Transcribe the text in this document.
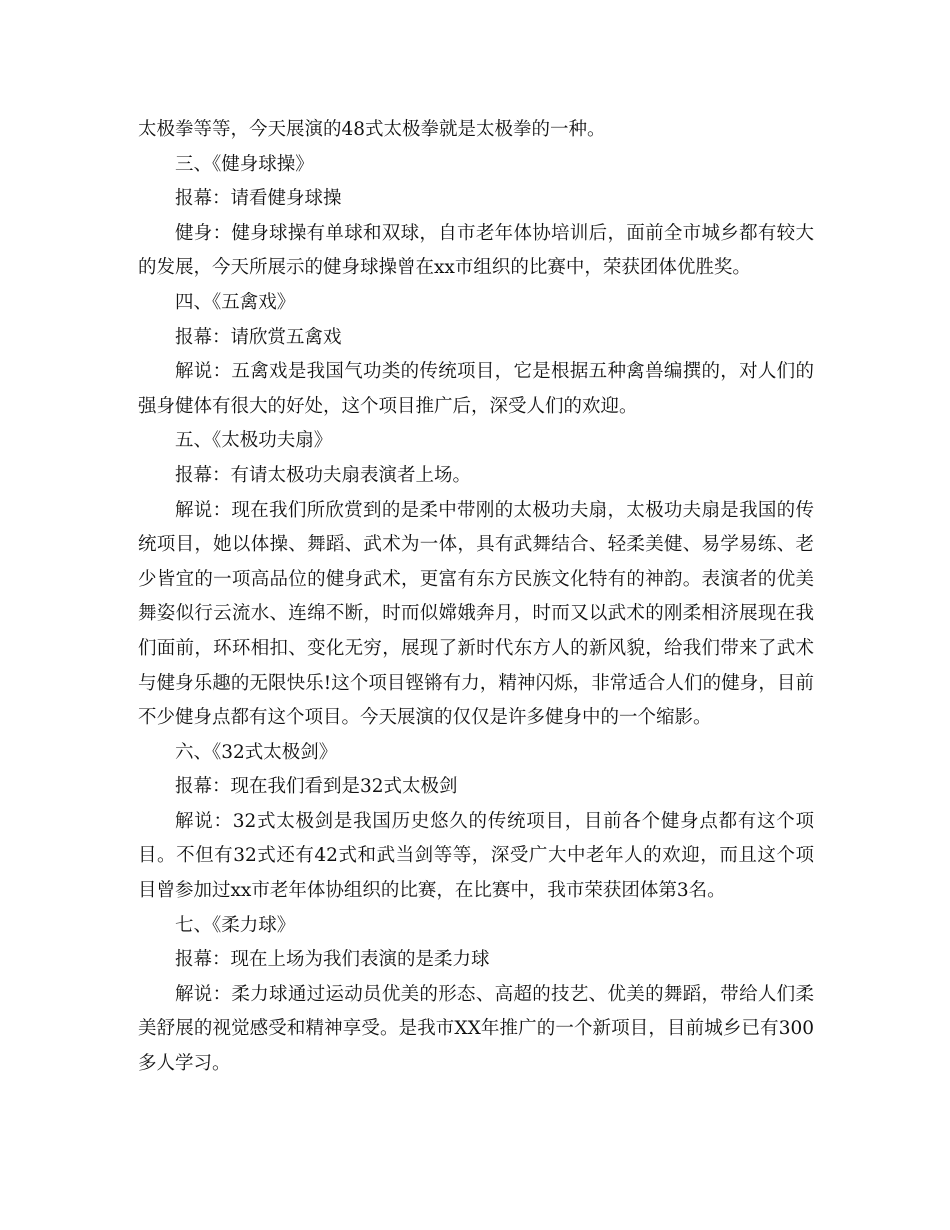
太极拳等等，今天展演的48式太极拳就是太极拳的一种。

三、《健身球操》

报幕：请看健身球操

健身：健身球操有单球和双球，自市老年体协培训后，面前全市城乡都有较大的发展，今天所展示的健身球操曾在xx市组织的比赛中，荣获团体优胜奖。

四、《五禽戏》

报幕：请欣赏五禽戏

解说：五禽戏是我国气功类的传统项目，它是根据五种禽兽编撰的，对人们的强身健体有很大的好处，这个项目推广后，深受人们的欢迎。

五、《太极功夫扇》

报幕：有请太极功夫扇表演者上场。

解说：现在我们所欣赏到的是柔中带刚的太极功夫扇，太极功夫扇是我国的传统项目，她以体操、舞蹈、武术为一体，具有武舞结合、轻柔美健、易学易练、老少皆宜的一项高品位的健身武术，更富有东方民族文化特有的神韵。表演者的优美舞姿似行云流水、连绵不断，时而似嫦娥奔月，时而又以武术的刚柔相济展现在我们面前，环环相扣、变化无穷，展现了新时代东方人的新风貌，给我们带来了武术与健身乐趣的无限快乐!这个项目铿锵有力，精神闪烁，非常适合人们的健身，目前不少健身点都有这个项目。今天展演的仅仅是许多健身中的一个缩影。

六、《32式太极剑》

报幕：现在我们看到是32式太极剑

解说：32式太极剑是我国历史悠久的传统项目，目前各个健身点都有这个项目。不但有32式还有42式和武当剑等等，深受广大中老年人的欢迎，而且这个项目曾参加过xx市老年体协组织的比赛，在比赛中，我市荣获团体第3名。

七、《柔力球》

报幕：现在上场为我们表演的是柔力球

解说：柔力球通过运动员优美的形态、高超的技艺、优美的舞蹈，带给人们柔美舒展的视觉感受和精神享受。是我市XX年推广的一个新项目，目前城乡已有300多人学习。
